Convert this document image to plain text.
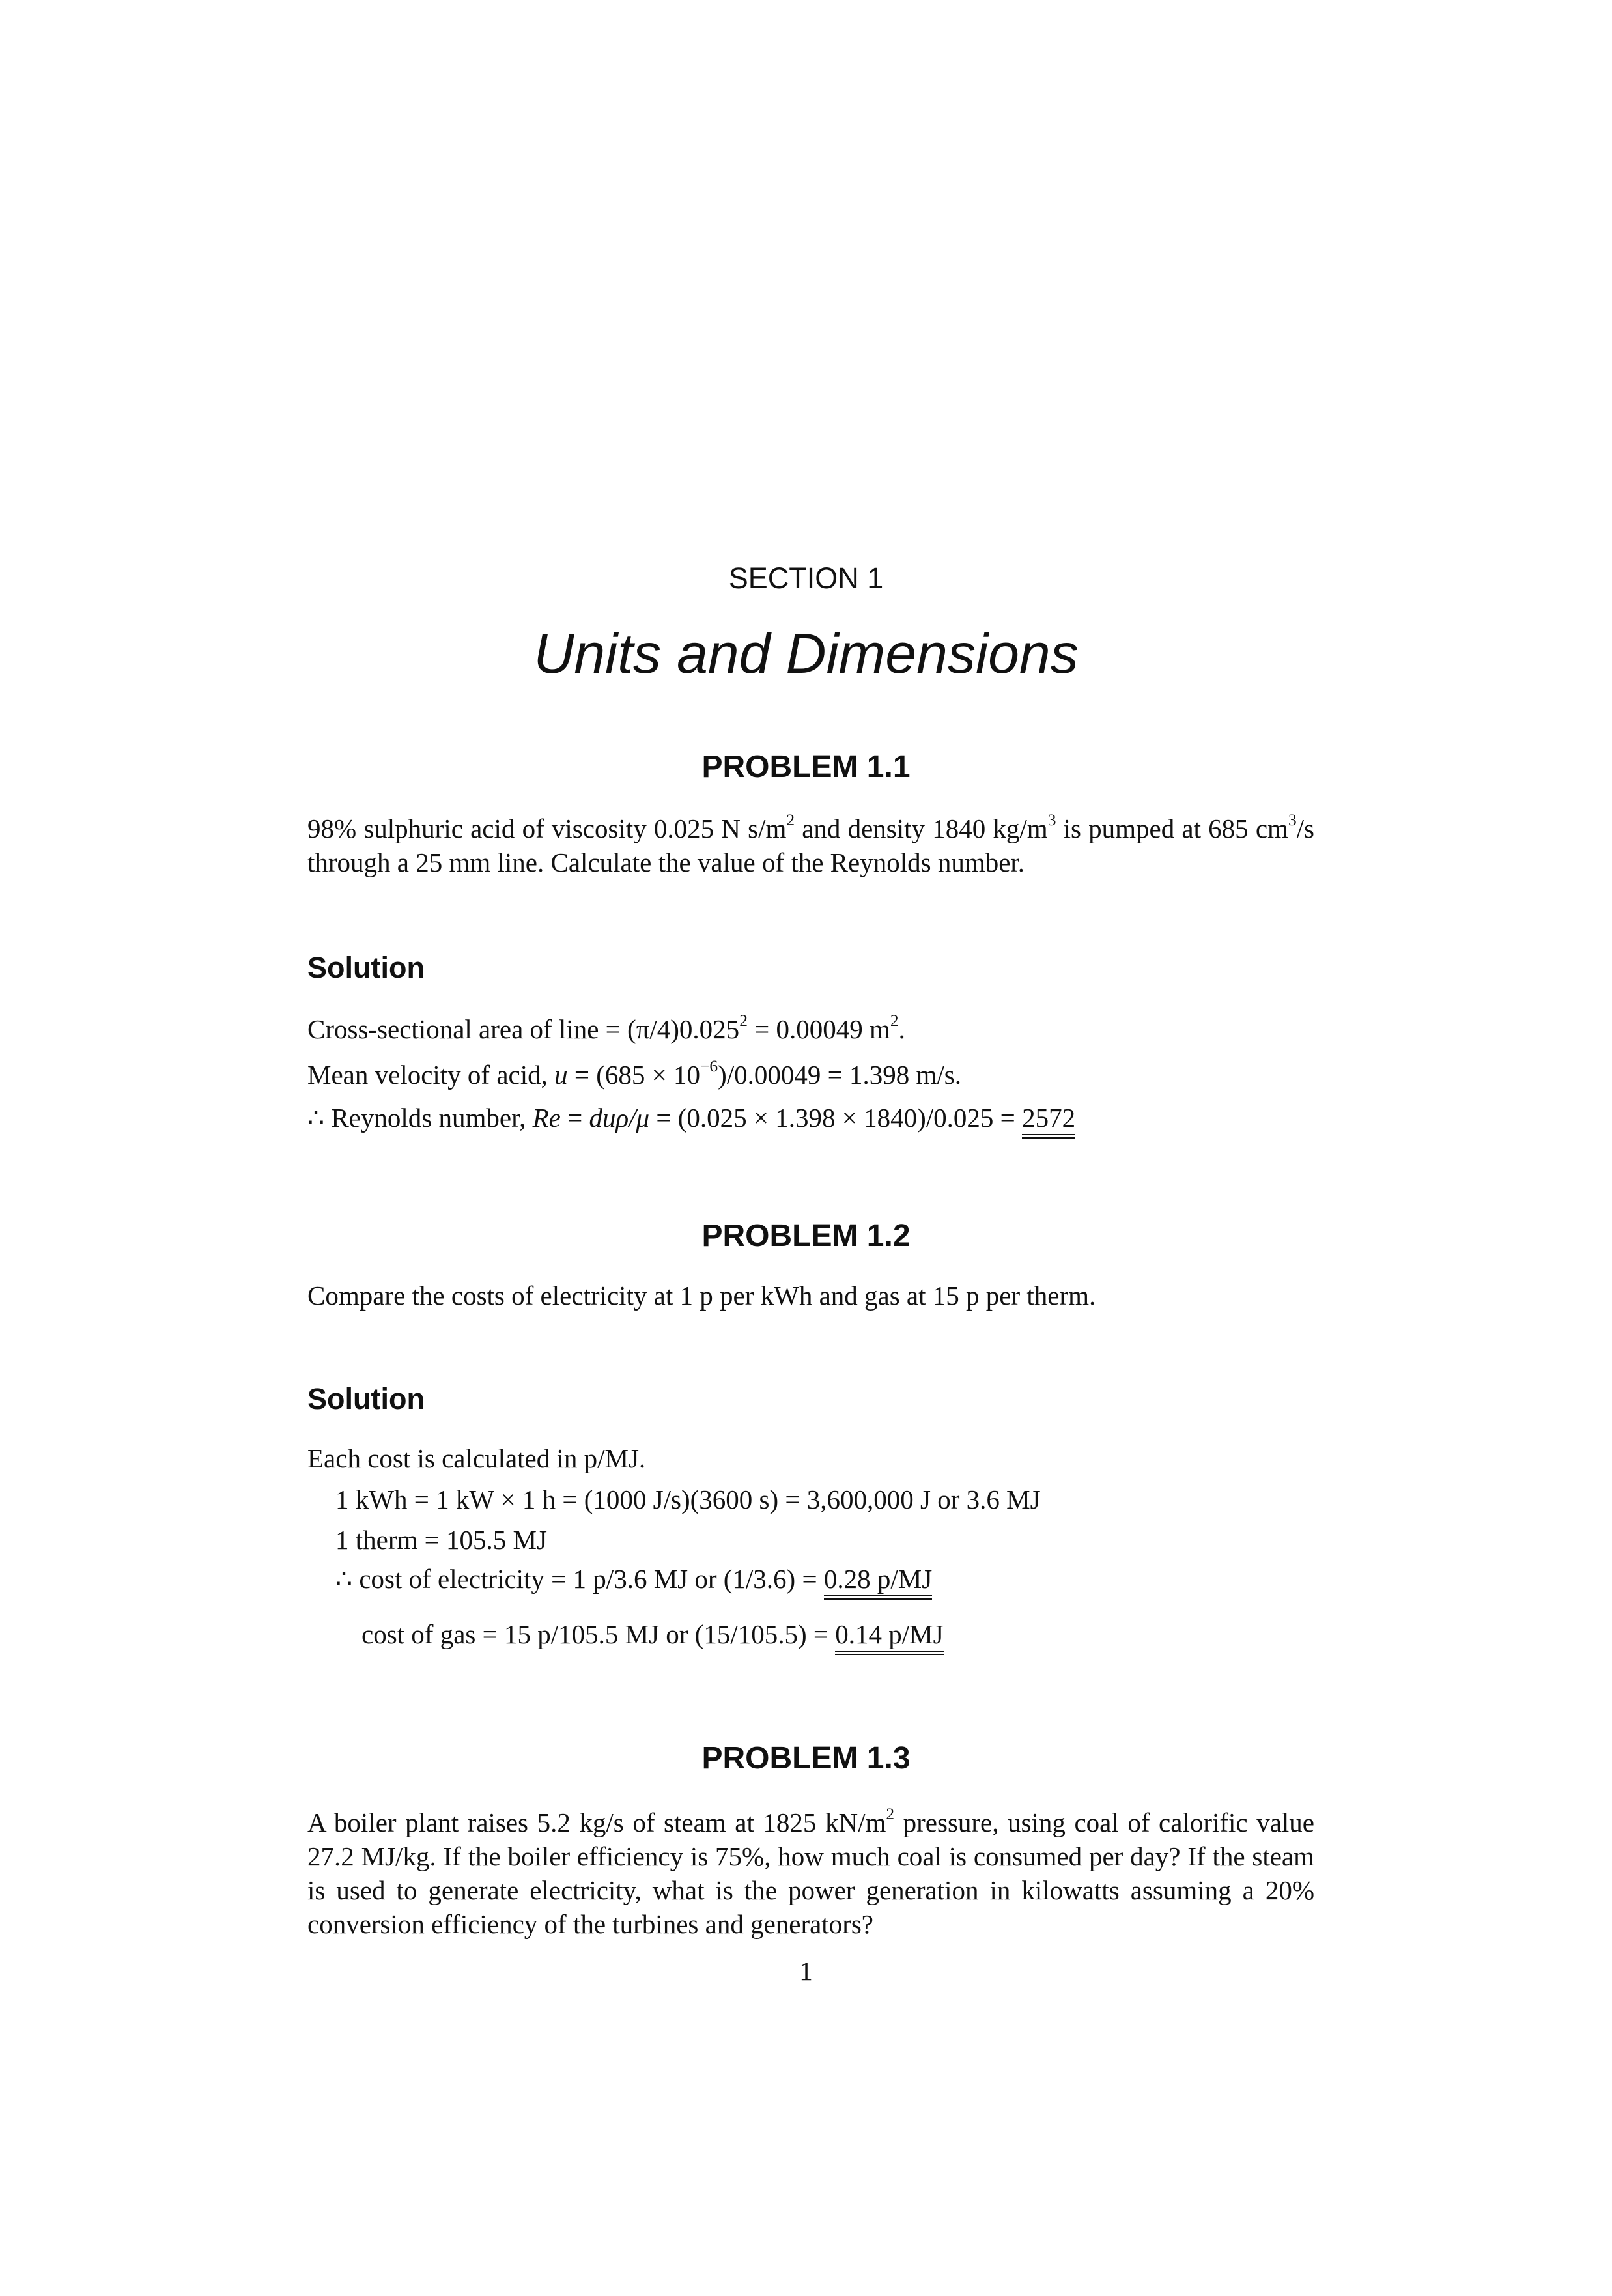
SECTION 1
Units and Dimensions
PROBLEM 1.1
98% sulphuric acid of viscosity 0.025 N $s/m^2$ and density 1840 $kg/m^3$ is pumped at 685 $cm^3/s$ through a 25 mm line. Calculate the value of the Reynolds number.
Solution
Cross-sectional area of line = $(\pi/4)0.025^2 = 0.00049$ $m^2$.
Mean velocity of acid, $u = (685 \times 10^{-6})/0.00049 = 1.398$ m/s.
∴ Reynolds number, Re = duρ/μ = (0.025 × 1.398 × 1840)/0.025 = 2572
PROBLEM 1.2
Compare the costs of electricity at 1 p per kWh and gas at 15 p per therm.
Solution
Each cost is calculated in p/MJ.
1 kWh = 1 kW × 1 h = (1000 J/s)(3600 s) = 3,600,000 J or 3.6 MJ
1 therm = 105.5 MJ
∴ cost of electricity = 1 p/3.6 MJ or (1/3.6) = 0.28 p/MJ
cost of gas = 15 p/105.5 MJ or (15/105.5) = 0.14 p/MJ
PROBLEM 1.3
A boiler plant raises 5.2 kg/s of steam at 1825 $kN/m^2$ pressure, using coal of calorific value 27.2 MJ/kg. If the boiler efficiency is 75%, how much coal is consumed per day? If the steam is used to generate electricity, what is the power generation in kilowatts assuming a 20% conversion efficiency of the turbines and generators?
1
